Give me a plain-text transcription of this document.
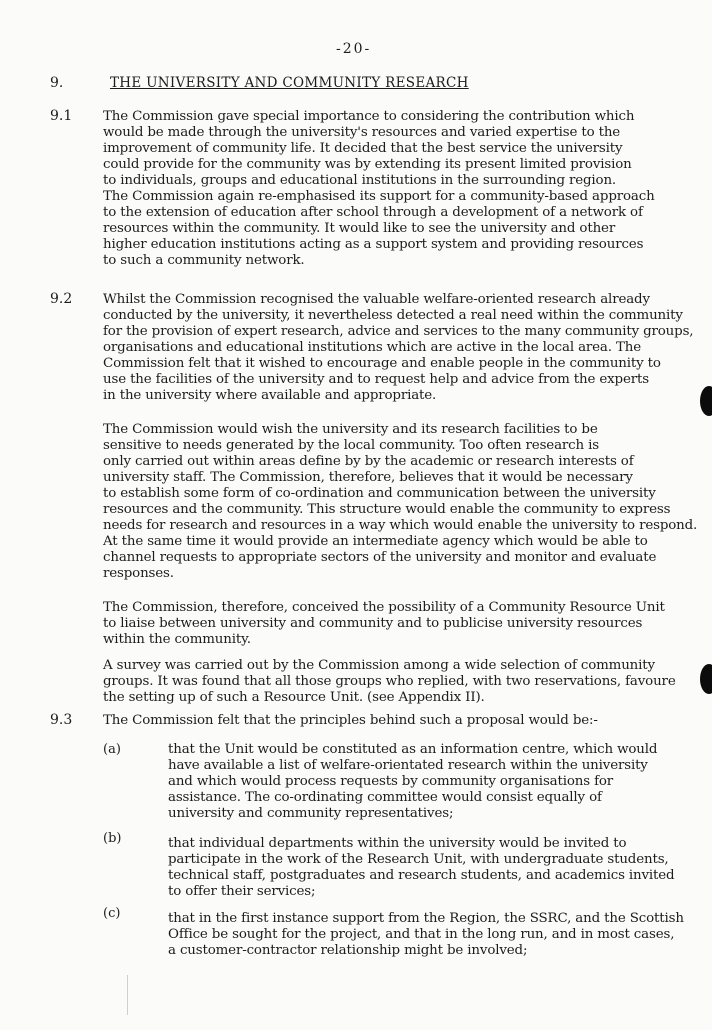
-20-
9.	THE UNIVERSITY AND COMMUNITY RESEARCH
9.1 The Commission gave special importance to considering the contribution which

would be made through the university's resources and varied expertise to the

improvement of community life. It decided that the best service the university

could provide for the community was by extending its present limited provision

to individuals, groups and educational institutions in the surrounding region.

The Commission again re-emphasised its support for a community-based approach

to the extension of education after school through a development of a network of

resources within the community. It would like to see the university and other

higher education institutions acting as a support system and providing resources

to such a community network.

9.2 Whilst the Commission recognised the valuable welfare-oriented research already

conducted by the university, it nevertheless detected a real need within the community

for the provision of expert research, advice and services to the many community groups,

organisations and educational institutions which are active in the local area. The

Commission felt that it wished to encourage and enable people in the community to

use the facilities of the university and to request help and advice from the experts

in the university where available and appropriate.

The Commission would wish the university and its research facilities to be

sensitive to needs generated by the local community. Too often research is

only carried out within areas define by by the academic or research interests of

university staff. The Commission, therefore, believes that it would be necessary

to establish some form of co-ordination and communication between the university

resources and the community. This structure would enable the community to express

needs for research and resources in a way which would enable the university to respond.

At the same time it would provide an intermediate agency which would be able to

channel requests to appropriate sectors of the university and monitor and evaluate

responses.

The Commission, therefore, conceived the possibility of a Community Resource Unit

to liaise between university and community and to publicise university resources

within the community.

A survey was carried out by the Commission among a wide selection of community

groups. It was found that all those groups who replied, with two reservations, favoure

the setting up of such a Resource Unit. (see Appendix II).

9.3 The Commission felt that the principles behind such a proposal would be:-

(a)	that the Unit would be constituted as an information centre, which would

have available a list of welfare-orientated research within the university

and which would process requests by community organisations for

assistance. The co-ordinating committee would consist equally of

university and community representatives;

(b)	that individual departments within the university would be invited to

participate in the work of the Research Unit, with undergraduate students,

technical staff, postgraduates and research students, and academics invited

to offer their services;

(c)	that in the first instance support from the Region, the SSRC, and the Scottish

Office be sought for the project, and that in the long run, and in most cases,

a customer-contractor relationship might be involved;
